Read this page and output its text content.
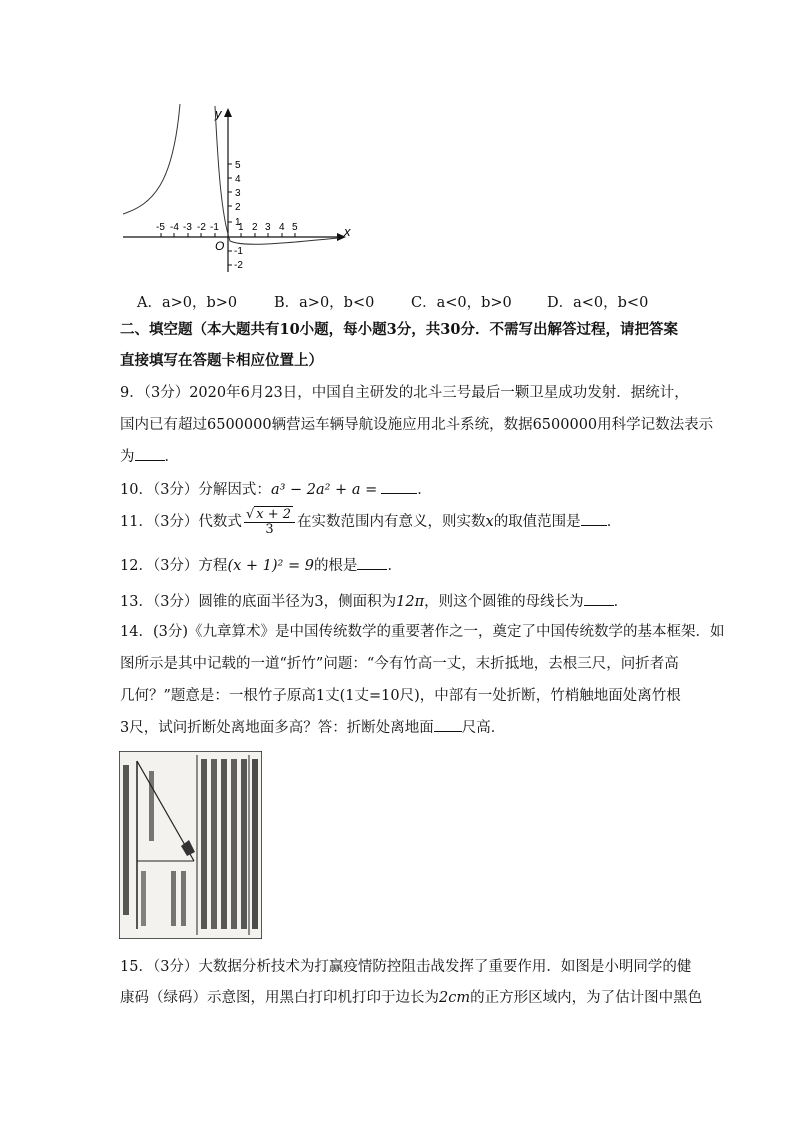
y
x
O
-5 -4 -3 -2 -1 1 2 3 4 5
5
4
3
2
1
-1
-2
A．a>0，b>0	B．a>0，b<0	C．a<0，b>0 D．a<0，b<0
二、填空题（本大题共有10小题，每小题3分，共30分．不需写出解答过程，请把答案
直接填写在答题卡相应位置上）
9．（3分）2020年6月23日，中国自主研发的北斗三号最后一颗卫星成功发射．据统计，
国内已有超过6500000辆营运车辆导航设施应用北斗系统，数据6500000用科学记数法表示
为 ．
10．（3分）分解因式：a³ − 2a² + a =	．
11．（3分）代数式 $\frac{√ x + 2}{3}$ 在实数范围内有意义，则实数x的取值范围是 ．
12．（3分）方程(x + 1)² = 9的根是 ．
13．（3分）圆锥的底面半径为3，侧面积为12π，则这个圆锥的母线长为 ．
14．(3分)《九章算术》是中国传统数学的重要著作之一，奠定了中国传统数学的基本框架．如
图所示是其中记载的一道“折竹”问题：“今有竹高一丈，末折抵地，去根三尺，问折者高
几何？”题意是：一根竹子原高1丈(1丈=10尺)，中部有一处折断，竹梢触地面处离竹根
3尺，试问折断处离地面多高？答：折断处离地面 尺高．
15．（3分）大数据分析技术为打赢疫情防控阻击战发挥了重要作用．如图是小明同学的健
康码（绿码）示意图，用黑白打印机打印于边长为2cm的正方形区域内，为了估计图中黑色
